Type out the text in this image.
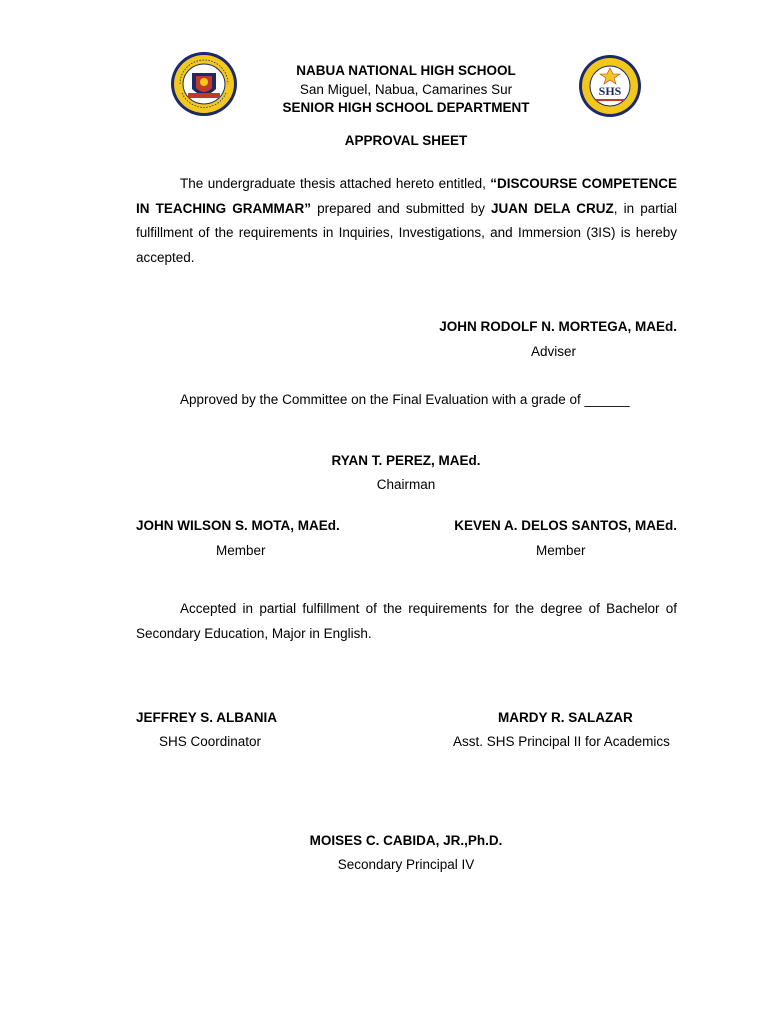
SHS
NABUA NATIONAL HIGH SCHOOL
San Miguel, Nabua, Camarines Sur
SENIOR HIGH SCHOOL DEPARTMENT
APPROVAL SHEET
The undergraduate thesis attached hereto entitled, “DISCOURSE COMPETENCE IN TEACHING GRAMMAR” prepared and submitted by JUAN DELA CRUZ, in partial fulfillment of the requirements in Inquiries, Investigations, and Immersion (3IS) is hereby accepted.
JOHN RODOLF N. MORTEGA, MAEd.
Adviser
Approved by the Committee on the Final Evaluation with a grade of ______
RYAN T. PEREZ, MAEd.
Chairman
JOHN WILSON S. MOTA, MAEd.
Member
KEVEN A. DELOS SANTOS, MAEd.
Member
Accepted in partial fulfillment of the requirements for the degree of Bachelor of Secondary Education, Major in English.
JEFFREY S. ALBANIA
SHS Coordinator
MARDY R. SALAZAR
Asst. SHS Principal II for Academics
MOISES C. CABIDA, JR.,Ph.D.
Secondary Principal IV
